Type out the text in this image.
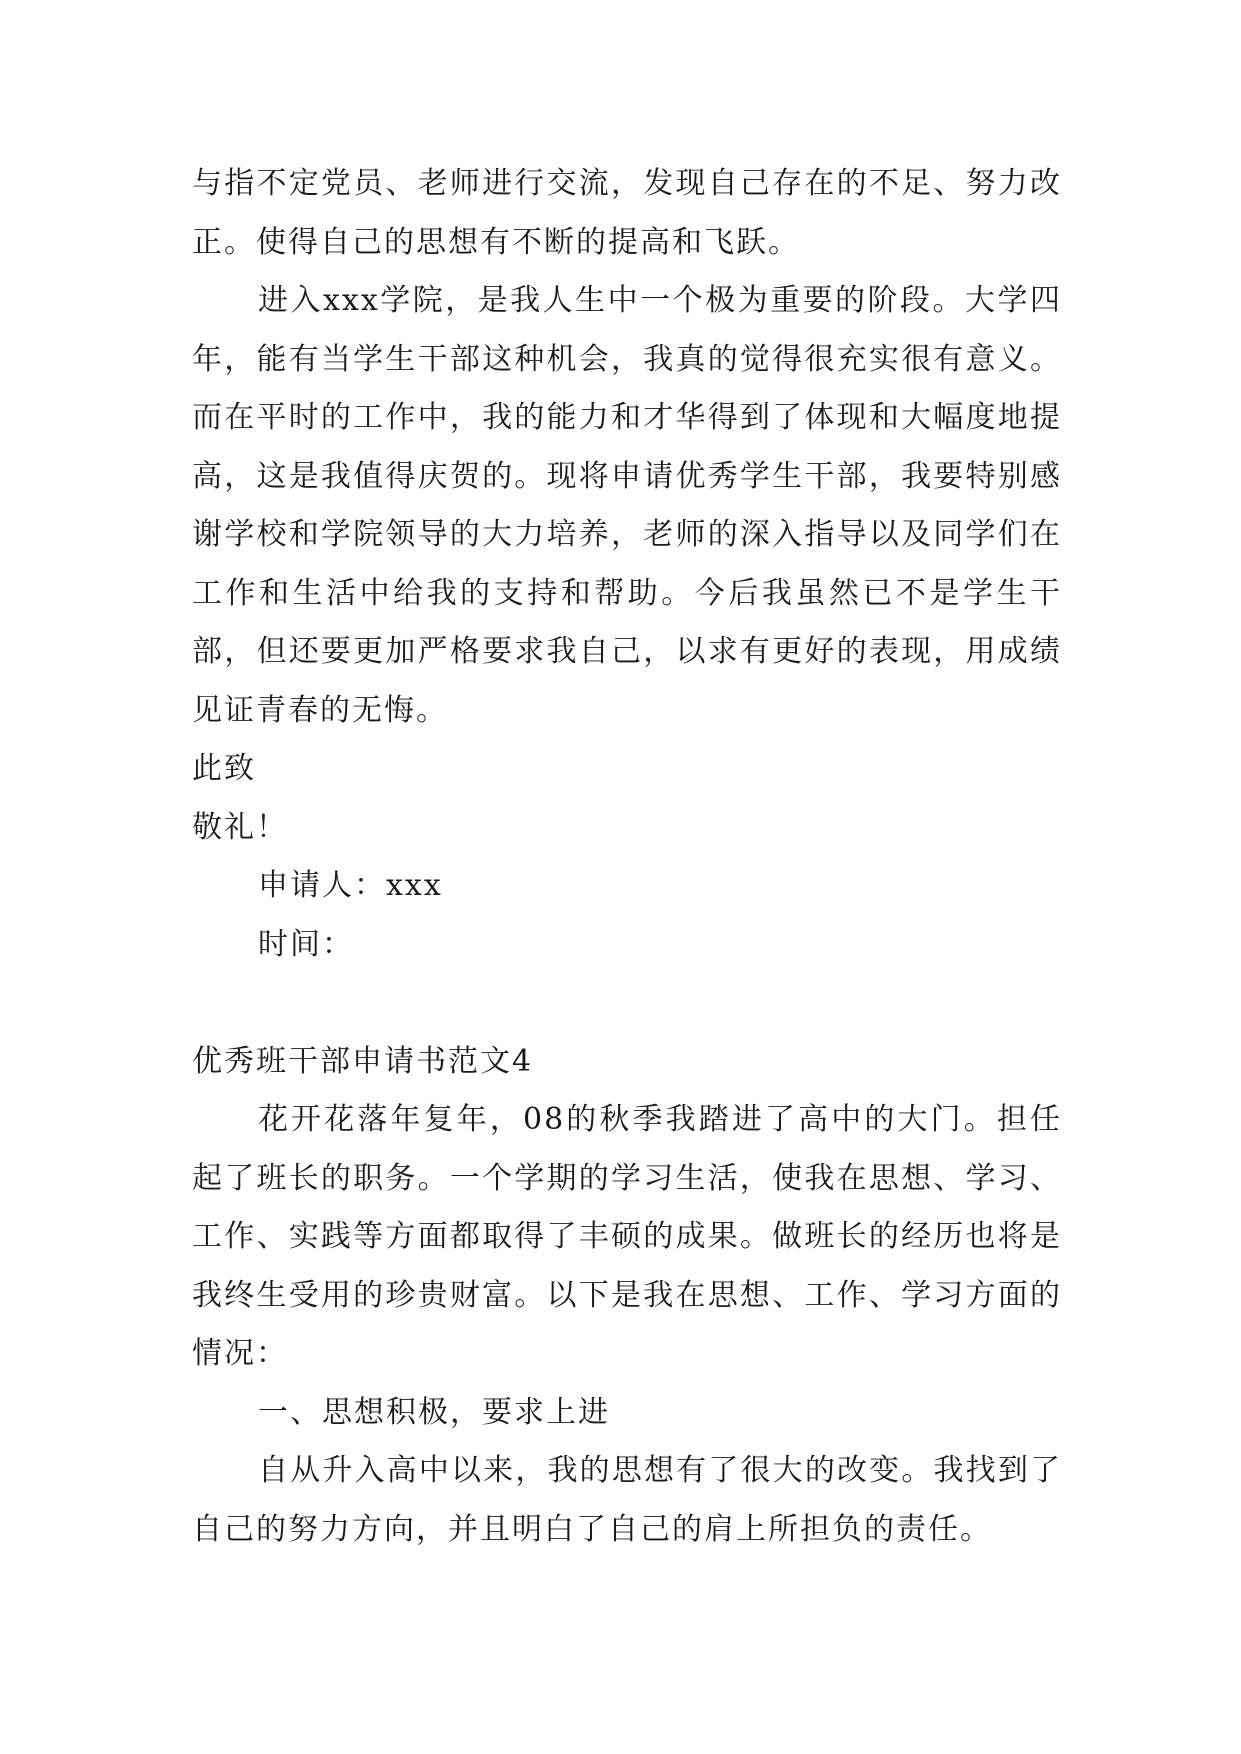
与指不定党员、老师进行交流，发现自己存在的不足、努力改正。使得自己的思想有不断的提高和飞跃。

进入xxx学院，是我人生中一个极为重要的阶段。大学四年，能有当学生干部这种机会，我真的觉得很充实很有意义。而在平时的工作中，我的能力和才华得到了体现和大幅度地提高，这是我值得庆贺的。现将申请优秀学生干部，我要特别感谢学校和学院领导的大力培养，老师的深入指导以及同学们在工作和生活中给我的支持和帮助。今后我虽然已不是学生干部，但还要更加严格要求我自己，以求有更好的表现，用成绩见证青春的无悔。

此致

敬礼！

申请人：xxx

时间：

优秀班干部申请书范文4

花开花落年复年，08的秋季我踏进了高中的大门。担任起了班长的职务。一个学期的学习生活，使我在思想、学习、工作、实践等方面都取得了丰硕的成果。做班长的经历也将是我终生受用的珍贵财富。以下是我在思想、工作、学习方面的情况：

一、思想积极，要求上进

自从升入高中以来，我的思想有了很大的改变。我找到了自己的努力方向，并且明白了自己的肩上所担负的责任。
